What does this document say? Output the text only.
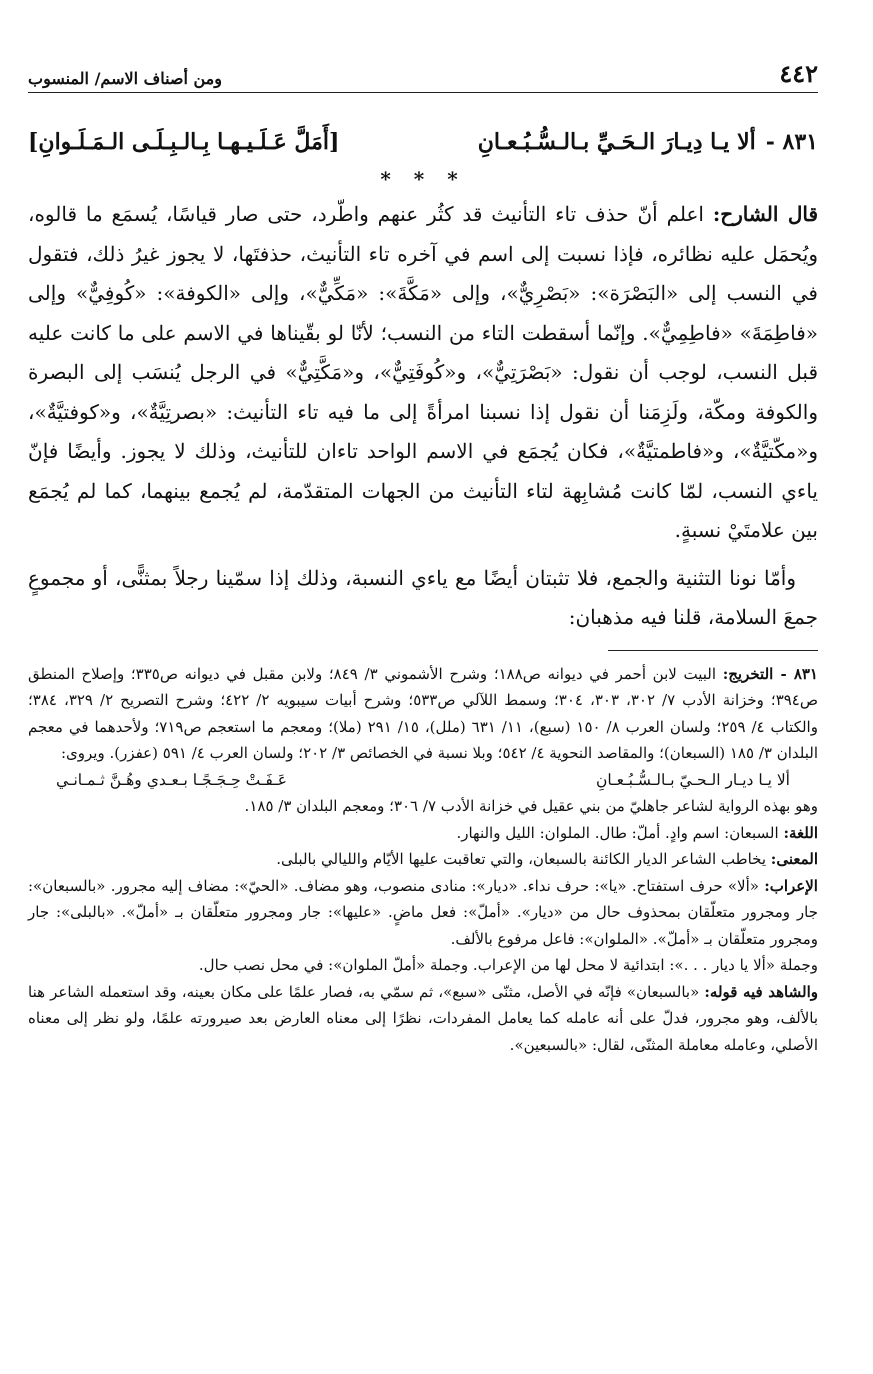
٤٤٢
ومن أصناف الاسم/ المنسوب
٨٣١ -ألا يـا دِيـارَ الـحَـيِّ بـالـسُّـبُـعـانِ
[أَمَلَّ عَـلَـيـهـا بِـالـبِـلَـى الـمَـلَـوانِ]
* * *

قال الشارح: اعلم أنّ حذف تاء التأنيث قد كثُر عنهم واطّرد، حتى صار قياسًا، يُسمَع ما قالوه، ويُحمَل عليه نظائره، فإذا نسبت إلى اسم في آخره تاء التأنيث، حذفتَها، لا يجوز غيرُ ذلك، فتقول في النسب إلى «البَصْرَة»: «بَصْرِيٌّ»، وإلى «مَكَّةَ»: «مَكِّيٌّ»، وإلى «الكوفة»: «كُوفِيٌّ» وإلى «فاطِمَةَ» «فاطِمِيٌّ». وإنّما أسقطت التاء من النسب؛ لأنّا لو بقّيناها في الاسم على ما كانت عليه قبل النسب، لوجب أن نقول: «بَصْرَتِيٌّ»، و«كُوفَتِيٌّ»، و«مَكَّتِيٌّ» في الرجل يُنسَب إلى البصرة والكوفة ومكّة، ولَزِمَنا أن نقول إذا نسبنا امرأةً إلى ما فيه تاء التأنيث: «بصرتِيَّةٌ»، و«كوفتيَّةٌ»، و«مكّتيَّةٌ»، و«فاطمتيَّةٌ»، فكان يُجمَع في الاسم الواحد تاءان للتأنيث، وذلك لا يجوز. وأيضًا فإنّ ياءي النسب، لمّا كانت مُشابِهة لتاء التأنيث من الجهات المتقدّمة، لم يُجمع بينهما، كما لم يُجمَع بين علامتَيْ نسبةٍ.

وأمّا نونا التثنية والجمع، فلا تثبتان أيضًا مع ياءي النسبة، وذلك إذا سمّينا رجلاً بمثنًّى، أو مجموعٍ جمعَ السلامة، قلنا فيه مذهبان:

٨٣١ - التخريج: البيت لابن أحمر في ديوانه ص١٨٨؛ وشرح الأشموني ٣/ ٨٤٩؛ ولابن مقبل في ديوانه ص٣٣٥؛ وإصلاح المنطق ص٣٩٤؛ وخزانة الأدب ٧/ ٣٠٢، ٣٠٣، ٣٠٤؛ وسمط اللآلي ص٥٣٣؛ وشرح أبيات سيبويه ٢/ ٤٢٢؛ وشرح التصريح ٢/ ٣٢٩، ٣٨٤؛ والكتاب ٤/ ٢٥٩؛ ولسان العرب ٨/ ١٥٠ (سبع)، ١١/ ٦٣١ (ملل)، ١٥/ ٢٩١ (ملا)؛ ومعجم ما استعجم ص٧١٩؛ ولأحدهما في معجم البلدان ٣/ ١٨٥ (السبعان)؛ والمقاصد النحوية ٤/ ٥٤٢؛ وبلا نسبة في الخصائص ٣/ ٢٠٢؛ ولسان العرب ٤/ ٥٩١ (عفزر). ويروى:

ألا يـا ديـار الـحـيّ بـالـسُّـبُـعـانِ
عَـفَـتْ حِـجَـجًـا بـعـدي وهُـنَّ ثـمـانـي

وهو بهذه الرواية لشاعر جاهليّ من بني عقيل في خزانة الأدب ٧/ ٣٠٦؛ ومعجم البلدان ٣/ ١٨٥.

اللغة: السبعان: اسم وادٍ. أملّ: طال. الملوان: الليل والنهار.

المعنى: يخاطب الشاعر الديار الكائنة بالسبعان، والتي تعاقبت عليها الأيّام والليالي بالبلى.

الإعراب: «ألا» حرف استفتاح. «يا»: حرف نداء. «ديار»: منادى منصوب، وهو مضاف. «الحيّ»: مضاف إليه مجرور. «بالسبعان»: جار ومجرور متعلّقان بمحذوف حال من «ديار». «أملّ»: فعل ماضٍ. «عليها»: جار ومجرور متعلّقان بـ «أملّ». «بالبلى»: جار ومجرور متعلّقان بـ «أملّ». «الملوان»: فاعل مرفوع بالألف.

وجملة «ألا يا ديار . . .»: ابتدائية لا محل لها من الإعراب. وجملة «أملّ الملوان»: في محل نصب حال.

والشاهد فيه قوله: «بالسبعان» فإنّه في الأصل، مثنّى «سبع»، ثم سمّي به، فصار علمًا على مكان بعينه، وقد استعمله الشاعر هنا بالألف، وهو مجرور، فدلّ على أنه عامله كما يعامل المفردات، نظرًا إلى معناه العارض بعد صيرورته علمًا، ولو نظر إلى معناه الأصلي، وعامله معاملة المثنّى، لقال: «بالسبعين».
